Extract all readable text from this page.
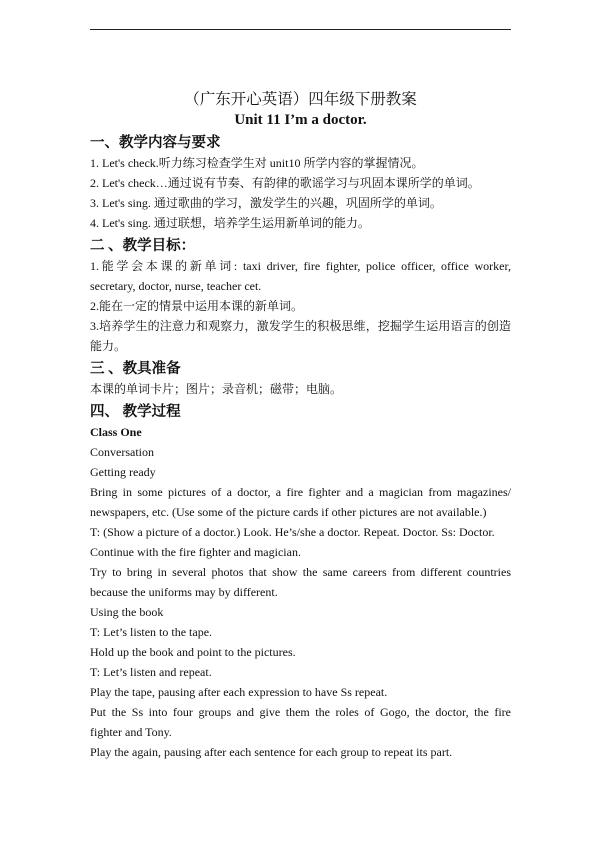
（广东开心英语）四年级下册教案
Unit 11 I’m a doctor.
一、教学内容与要求
1. Let's check.听力练习检查学生对 unit10 所学内容的掌握情况。
2. Let's check…通过说有节奏、有韵律的歌谣学习与巩固本课所学的单词。
3. Let's sing. 通过歌曲的学习，激发学生的兴趣，巩固所学的单词。
4. Let's sing. 通过联想，培养学生运用新单词的能力。
二 、教学目标：
1.能学会本课的新单词: taxi driver, fire fighter, police officer, office worker,
secretary, doctor, nurse, teacher cet.
2.能在一定的情景中运用本课的新单词。
3.培养学生的注意力和观察力，激发学生的积极思维，挖掘学生运用语言的创造
能力。
三 、教具准备
本课的单词卡片；图片；录音机；磁带；电脑。
四、 教学过程
Class One
Conversation
Getting ready
Bring in some pictures of a doctor, a fire fighter and a magician from magazines/
newspapers, etc. (Use some of the picture cards if other pictures are not available.)
T: (Show a picture of a doctor.) Look. He’s/she a doctor. Repeat. Doctor. Ss: Doctor.
Continue with the fire fighter and magician.
Try to bring in several photos that show the same careers from different countries
because the uniforms may by different.
Using the book
T: Let’s listen to the tape.
Hold up the book and point to the pictures.
T: Let’s listen and repeat.
Play the tape, pausing after each expression to have Ss repeat.
Put the Ss into four groups and give them the roles of Gogo, the doctor, the fire
fighter and Tony.
Play the again, pausing after each sentence for each group to repeat its part.
